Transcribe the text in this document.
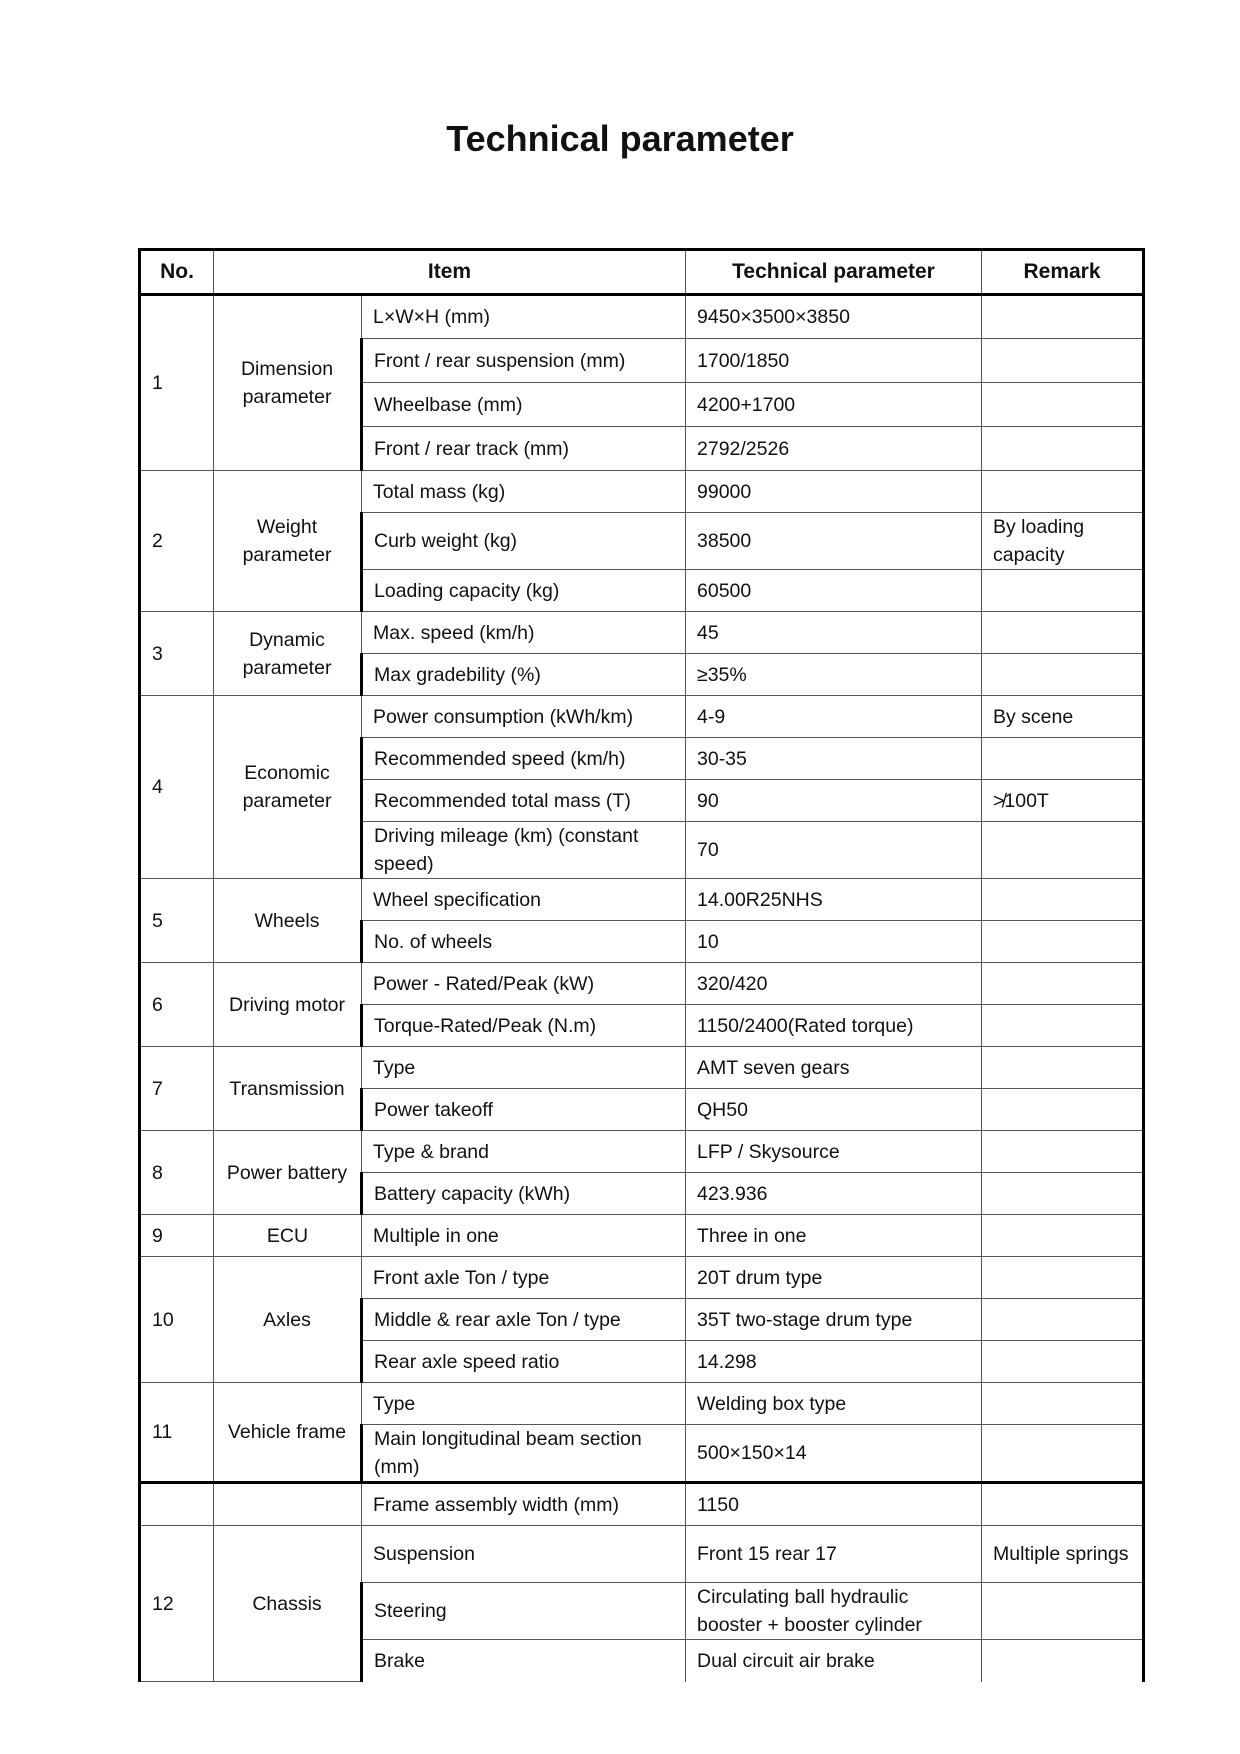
Technical parameter
No.	Item		Technical parameter	Remark
1	Dimension parameter	L×W×H (mm)	9450×3500×3850	
		Front / rear suspension (mm)	1700/1850	
		Wheelbase (mm)	4200+1700	
		Front / rear track (mm)	2792/2526	
2	Weight parameter	Total mass (kg)	99000	
		Curb weight (kg)	38500	By loading capacity
		Loading capacity (kg)	60500	
3	Dynamic parameter	Max. speed (km/h)	45	
		Max gradebility (%)	≥35%	
4	Economic parameter	Power consumption (kWh/km)	4-9	By scene
		Recommended speed (km/h)	30-35	
		Recommended total mass (T)	90	≯100T
		Driving mileage (km) (constant speed)	70	
5	Wheels	Wheel specification	14.00R25NHS	
		No. of wheels	10	
6	Driving motor	Power - Rated/Peak (kW)	320/420	
		Torque-Rated/Peak (N.m)	1150/2400(Rated torque)	
7	Transmission	Type	AMT seven gears	
		Power takeoff	QH50	
8	Power battery	Type & brand	LFP / Skysource	
		Battery capacity (kWh)	423.936	
9	ECU	Multiple in one	Three in one	
10	Axles	Front axle Ton / type	20T drum type	
		Middle & rear axle Ton / type	35T two-stage drum type	
		Rear axle speed ratio	14.298	
11	Vehicle frame	Type	Welding box type	
		Main longitudinal beam section (mm)	500×150×14	
		Frame assembly width (mm)	1150	
12	Chassis	Suspension	Front 15 rear 17	Multiple springs
		Steering	Circulating ball hydraulic booster + booster cylinder	
		Brake	Dual circuit air brake	
